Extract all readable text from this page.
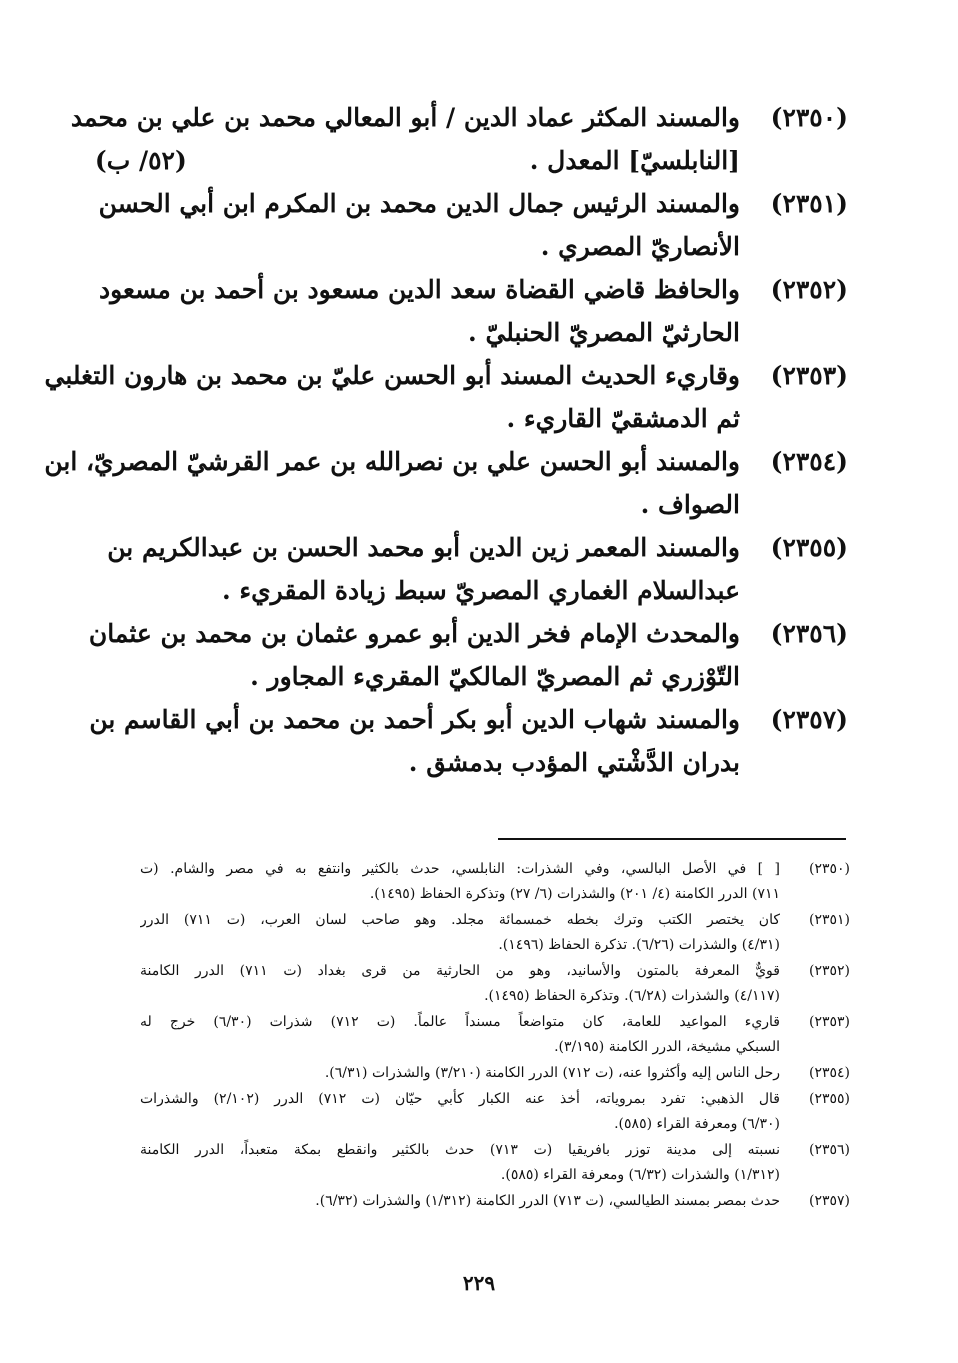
(٢٣٥٠)
والمسند المكثر عماد الدين / أبو المعالي محمد بن علي بن محمد
[النابلسيّ] المعدل .
(٥٢/ ب)
(٢٣٥١)
والمسند الرئيس جمال الدين محمد بن المكرم ابن أبي الحسن
الأنصاريّ المصري .
(٢٣٥٢)
والحافظ قاضي القضاة سعد الدين مسعود بن أحمد بن مسعود
الحارثيّ المصريّ الحنبليّ .
(٢٣٥٣)
وقاريء الحديث المسند أبو الحسن عليّ بن محمد بن هارون التغلبي
ثم الدمشقيّ القاريء .
(٢٣٥٤)
والمسند أبو الحسن علي بن نصرالله بن عمر القرشيّ المصريّ، ابن
الصواف .
(٢٣٥٥)
والمسند المعمر زين الدين أبو محمد الحسن بن عبدالكريم بن
عبدالسلام الغماري المصريّ سبط زيادة المقريء .
(٢٣٥٦)
والمحدث الإمام فخر الدين أبو عمرو عثمان بن محمد بن عثمان
التّوْزري ثم المصريّ المالكيّ المقريء المجاور .
(٢٣٥٧)
والمسند شهاب الدين أبو بكر أحمد بن محمد بن أبي القاسم بن
بدران الدَّشْتي المؤدب بدمشق .
(٢٣٥٠)
[ ] في الأصل البالسي، وفي الشذرات: النابلسي، حدث بالكثير وانتفع به في مصر والشام. (ت
٧١١) الدرر الكامنة (٤/ ٢٠١) والشذرات (٦/ ٢٧) وتذكرة الحفاظ (١٤٩٥).
(٢٣٥١)
كان يختصر الكتب وترك بخطه خمسمائة مجلد. وهو صاحب لسان العرب، (ت ٧١١) الدرر
(٤/٣١) والشذرات (٦/٢٦). تذكرة الحفاظ (١٤٩٦).
(٢٣٥٢)
قويٌّ المعرفة بالمتون والأسانيد، وهو من الحارثية من قرى بغداد (ت ٧١١) الدرر الكامنة
(٤/١١٧) والشذرات (٦/٢٨). وتذكرة الحفاظ (١٤٩٥).
(٢٣٥٣)
قاريء المواعيد للعامة، كان متواضعاً مسنداً عالماً. (ت ٧١٢) شذرات (٦/٣٠) خرج له
السبكي مشيخة، الدرر الكامنة (٣/١٩٥).
(٢٣٥٤)
رحل الناس إليه وأكثروا عنه، (ت ٧١٢) الدرر الكامنة (٣/٢١٠) والشذرات (٦/٣١).
(٢٣٥٥)
قال الذهبي: تفرد بمروياته، أخذ عنه الكبار كأبي حيّان (ت ٧١٢) الدرر (٢/١٠٢) والشذرات
(٦/٣٠) ومعرفة القراء (٥٨٥).
(٢٣٥٦)
نسبته إلى مدينة توزر بافريقيا (ت ٧١٣) حدث بالكثير وانقطع بمكة متعبداً، الدرر الكامنة
(١/٣١٢) والشذرات (٦/٣٢) ومعرفة القراء (٥٨٥).
(٢٣٥٧)
حدث بمصر بمسند الطيالسي، (ت ٧١٣) الدرر الكامنة (١/٣١٢) والشذرات (٦/٣٢).
٢٢٩
